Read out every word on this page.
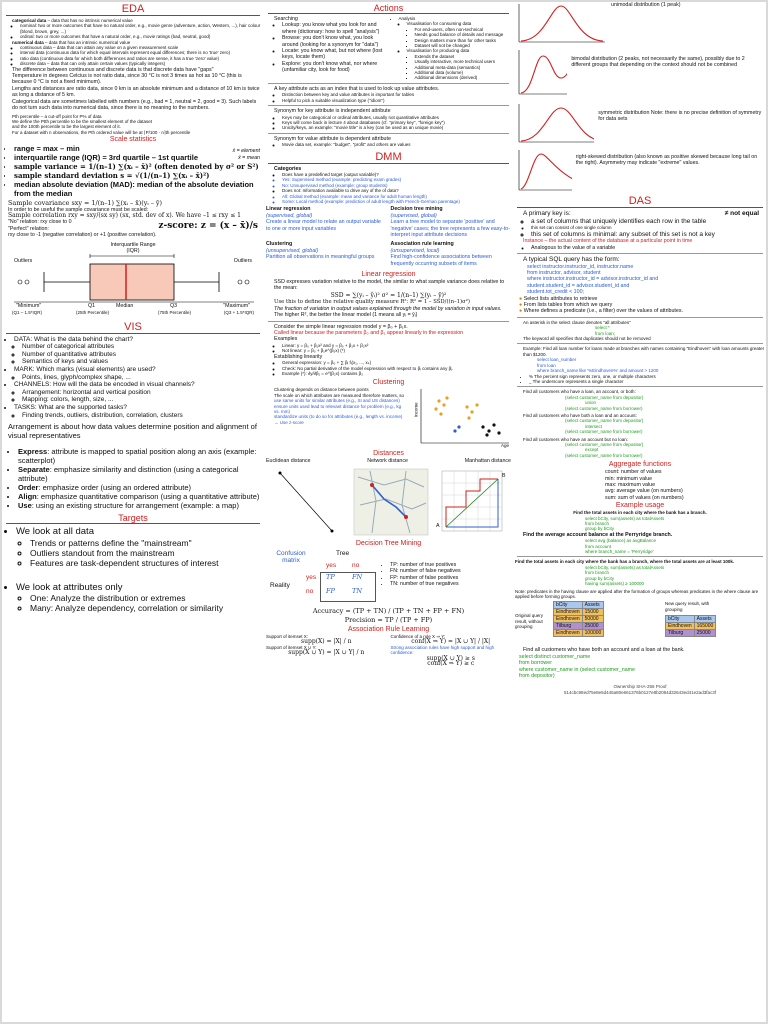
EDA
• categorical data – data that has no intrinsic numerical value
◦ nominal: two or more outcomes that have no natural order, e.g., movie genre (adventure, action, Western, ...), hair colour (blond, brown, grey, ...)
◦ ordinal: two or more outcomes that have a natural order, e.g., movie ratings (bad, neutral, good)
• numerical data – data that has an intrinsic numerical value
◦ continuous data – data that can attain any value on a given measurement scale
◦ interval data (continuous data for which equal intervals represent equal differences; there is no 'true' zero)
◦ ratio data (continuous data for which both differences and ratios are sense, it has a true 'zero' value)
◦ discrete data – data that can only attain certain values (typically integers)
• The difference between continuous and discrete data is that discrete data have "gaps"
• Temperature in degrees Celcius is not ratio data, since 30 °C is not 3 times as hot as 10 °C (this is because 0 °C is not a fixed minimum).
• Lengths and distances are ratio data, since 0 km is an absolute minimum and a distance of 10 km is twice as long a distance of 5 km.
• Categorical data are sometimes labelled with numbers (e.g., bad = 1, neutral = 2, good = 3). Such labels do not turn such data into numerical data, since there is no meaning to the numbers.
• Pth percentile – a cut-off point for P% of data
• We define the Ptth percentile to be the smallest element of the dataset
• and the 100th percentile to be the largest element of it.
• For a dataset with n observations, the Pth ordered value will be at ⌈P/100 · n⌉th percentile
Scale statistics
• range = max – min
• interquartile range (IQR) = 3rd quartile – 1st quartile
• sample variance = 1/(n–1) ∑(xᵢ – x̄)² (often denoted by σ² or S²)
• sample standard deviation s = √(1/(n–1) ∑(xᵢ – x̄)²)
• median absolute deviation (MAD): median of the absolute deviation from the median
x̄ = element
x̄ = mean
Sample covariance sxy = 1/(n–1) ∑(xᵢ – x̄)(yᵢ – ȳ)
In order to be useful the sample covariance must be scaled:
Sample correlation rxy = sxy/(sx sy) (sx, std. dev of x). We have –1 ≤ rxy ≤ 1
"No" relation: rxy close to 0
"Perfect" relation:	z-score: z = (x – x̄)/s
rxy close to -1 (negative correlation) or +1 (positive correlation).
Interquartile Range
(IQR)
Outliers	Outliers
"Minimum"
(Q1 – 1.5*IQR)
Q1
(25th Percentile)
Median	Q3
(75th Percentile)
"Maximum"
(Q3 + 1.5*IQR)
VIS
• DATA: What is the data behind the chart?
◦ Number of categorical attributes
◦ Number of quantitative attributes
◦ Semantics of keys and values
• MARK: Which marks (visual elements) are used?
◦ Points, lines, glyph/complex shape, ...
• CHANNELS: How will the data be encoded in visual channels?
◦ Arrangement: horizontal and vertical position
◦ Mapping: colors, length, size, ...
• TASKS: What are the supported tasks?
◦ Finding trends, outliers, distribution, correlation, clusters
Arrangement is about how data values determine position and alignment of visual representatives
• Express: attribute is mapped to spatial position along an axis (example: scatterplot)
• Separate: emphasize similarity and distinction (using a categorical attribute)
• Order: emphasize order (using an ordered attribute)
• Align: emphasize quantitative comparison (using a quantitative attribute)
• Use: using an existing structure for arrangement (example: a map)
Targets
• We look at all data
◦ Trends or patterns define the "mainstream"
◦ Outliers standout from the mainstream
◦ Features are task-dependent structures of interest
• We look at attributes only
◦ One: Analyze the distribution or extremes
◦ Many: Analyze dependency, correlation or similarity
Actions
• Searching
◦ Lookup: you know what you look for and where (dictionary: how to spell "analysis")
◦ Browse: you don't know what, you look around (looking for a synonym for "data")
◦ Locate: you know what, but not where (lost keys, locate them)
◦ Explore: you don't know what, nor where (unfamiliar city, look for food)
• Analysis
◦ Visualisation for consuming data
▪ For end-users, often non-technical
▪ Needs good balance of details and message
▪ Design matters more than for other tasks
▪ Dataset will not be changed
◦ Visualisation for producing data
▪ Extends the dataset
▪ Usually interactive, more technical users
▪ Additional meta-data (semantics)
▪ Additional data (volume)
▪ Additional dimensions (derived)
• A key attribute acts as an index that is used to look up value attributes.
◦ Distinction between key and value attributes is important for tables
◦ Helpful to pick a suitable visualization type ("idiom")
• Synonym for key attribute is independent attribute
◦ Keys may be categorical or ordinal attributes, usually not quantitative attributes
◦ Keys will come back in lecture 4 about databases (cf. "primary key", "foreign key")
◦ Unicity/keys, an example: "movie title" is a key (can be used as an unique movie)
• Synonym for value attribute is dependent attribute
◦ Movie data set, example: "budget", "profit" and others are values
DMM
• Categories
◦ Does have a predefined target (output variable)?
◦ Yes: Supervised method (example: predicting exam grades)
◦ No: Unsupervised method (example: group students)
◦ Does not: Information available to drive any of the of data?
◦ All: Global method (example: mean and variance for adult human length)
◦ Some: Local method (example: prediction of adult length with French-German parentage)
Linear regression
(supervised, global)
Create a linear model to relate an output variable to one or more input variables
Decision tree mining
(supervised, global)
Learn a tree model to separate 'positive' and 'negative' cases; the tree represents a few easy-to-interpret input attribute decisions
Clustering
(unsupervised, global)
Partition all observations in meaningful groups
Association rule learning
(unsupervised, local)
Find high-confidence associations between frequently occurring subsets of items
Linear regression
• SSD expresses variation relative to the model, the similar to what sample variance does relative to the mean:
SSD = ∑(yᵢ – ŷᵢ)² σ² = 1/(n–1) ∑(yᵢ – ȳ)²
• Use this to define the relative quality measure R²: R² = 1 – SSD/((n–1)σ²)
• The fraction of variation in output values explained through the model by variation in input values.
• The higher R², the better the linear model (1 means all yᵢ = ŷᵢ)
• Consider the simple linear regression model y = β₀ + β₁x.
• Called linear because the parameters β₀ and β₁ appear linearly in the expression
• Examples
◦ Linear: y = β₀ + β₁x² and y = β₀ + β₁x + β₂x²
◦ Not linear: y = β₀ + β₁e^(β₂x) (*)
• Establishing linearity
◦ General expression: y = β₀ + ∑ βᵢ fᵢ(x₁, ..., xₖ)
◦ Check: No partial derivative of the model expression with respect to βᵢ contains any βⱼ.
◦ Example (*): ∂y/∂β₁ = e^(β₂x) contains β₂
Clustering
• Clustering depends on distance between points
• The scale on which attributes are measured therefore matters, so
• use same units for similar attributes (e.g., SI and US distances)
• ensure units used lead to relevant distance for problem (e.g., kg vs. mm)
• standardize units (to do so for attributes (e.g., length vs. income) → Use z-score
Income
Age
Distances
Euclidean distance	Network distance	Manhattan distance
A
B
Decision Tree Mining
Confusion matrix
Tree
yes no
Reality
yes
no
TP	FN
FP	TN
• TP: number of true positives
• FN: number of false negatives
• FP: number of false positives
• TN: number of true negatives
Accuracy = (TP + TN) / (TP + TN + FP + FN)
Precision = TP / (TP + FP)
Association Rule Learning
Support of itemset X:
supp(X) = |X| / n
Support of itemset X ∪ Y:
supp(X ∪ Y) = |X ∪ Y| / n
Confidence of a rule X ⇒ Y:
conf(X ⇒ Y) = |X ∪ Y| / |X|
Strong association rules have high support and high confidence:
supp(X ∪ Y) ≥ s
conf(X ⇒ Y) ≥ c
unimodal distribution (1 peak)
bimodal distribution (2 peaks, not necessarily the same), possibly due to 2 different groups that depending on the context should not be combined
symmetric distribution Note: there is no precise definition of symmetry for data sets
right-skewed distribution (also known as positive skewed because long tail on the right). Asymmetry may indicate "extreme" values.
DAS
• A primary key is:
◦ a set of columns that uniquely identifies each row in the table
◦ this set can consist of one single column
◦ this set of columns is minimal: any subset of this set is not a key
≠ not equal
• Instance – the actual content of the database at a particular point in time
◦ Analogous to the value of a variable
• A typical SQL query has the form:
select instructor.instructor_id, instructor.name
from instructor, advisor, student
where instructor.instructor_id = advisor.instructor_id and
student.student_id = advisor.student_id and
student.tot_credit < 100;
● Select lists attributes to retrieve
● From lists tables from which we query
● Where defines a predicate (i.e., a filter) over the values of attributes.
• An asterisk in the select clause denotes "all attributes"
select *
from loan;
• The keyword all specifies that duplicates should not be removed
• Example: Find all loan number for loans made at branches with names containing "Eindhoven" with loan amounts greater than $1200.
select loan_number
from loan
where branch_name like '%Eindhoven%' and amount > 1200
• % The percent sign represents zero, one, or multiple characters
• _ The underscore represents a single character
• Find all customers who have a loan, an account, or both:
(select customer_name from depositor)
union
(select customer_name from borrower)
• Find all customers who have both a loan and an account:
(select customer_name from depositor)
intersect
(select customer_name from borrower)
• Find all customers who have an account but no loan:
(select customer_name from depositor)
except
(select customer_name from borrower)
Aggregate functions
count: number of values
min: minimum value
max: maximum value
avg: average value (on numbers)
sum: sum of values (on numbers)
Example usage
Find the total assets in each city where the bank has a branch.
select bCity, sum(assets) as totalAssets
from branch
group by bCity
• Find the average account balance at the Perryridge branch.
select avg (balance) as avgBalance
from account
where branch_name = 'Perryridge'
Find the total assets in each city where the bank has a branch, where the total assets are at least 100k.
select bCity, sum(assets) as totalAssets
from branch
group by bCity
having sum(assets) ≥ 100000
Note: predicates in the having clause are applied after the formation of groups whereas predicates in the where clause are applied before forming groups.
Original query result, without grouping
bCity	Assets
Eindhoven	15000
Eindhoven	50000
Tilburg	25000
Eindhoven	100000
New query result, with grouping
bCity	Assets
Eindhoven	165000
Tilburg	25000
• Find all customers who have both an account and a loan at the bank.
select distinct customer_name
from borrower
where customer_name in (select customer_name
from depositor)
Ownership SHA-256 Proof
514cbc98ed75e8e5d445a80e661376b0127e8b2084d32643ed41e2ad3fac3f
